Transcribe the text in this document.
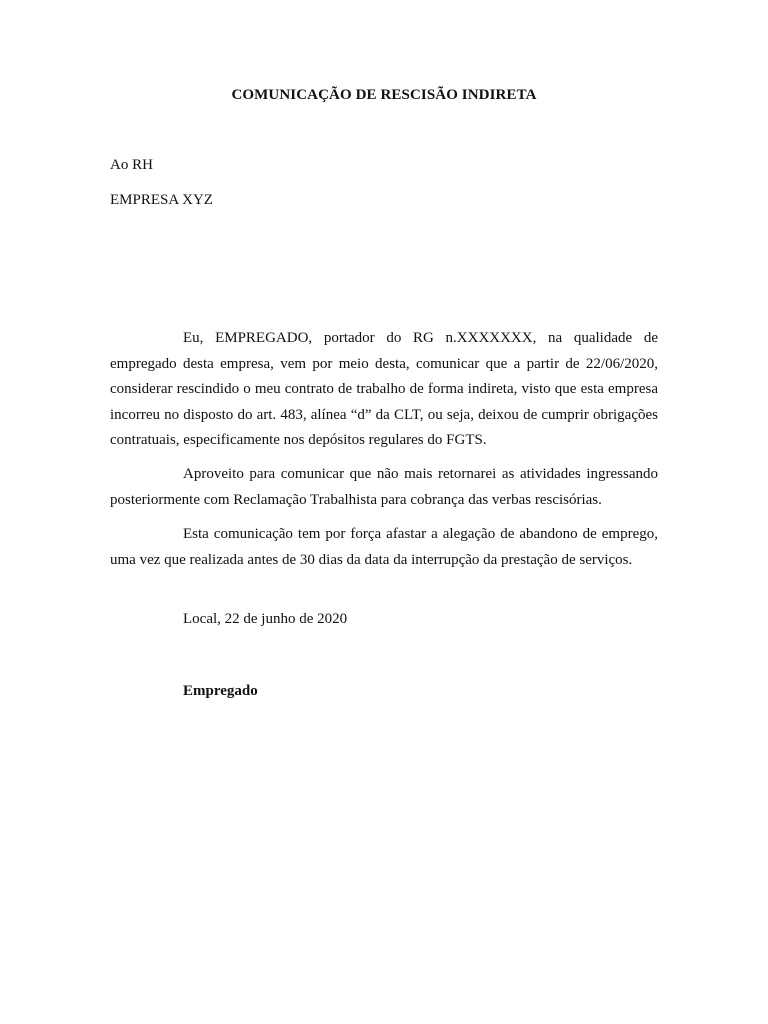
COMUNICAÇÃO DE RESCISÃO INDIRETA
Ao RH
EMPRESA XYZ

Eu, EMPREGADO, portador do RG n.XXXXXXX, na qualidade de empregado desta empresa, vem por meio desta, comunicar que a partir de 22/06/2020, considerar rescindido o meu contrato de trabalho de forma indireta, visto que esta empresa incorreu no disposto do art. 483, alínea “d” da CLT, ou seja, deixou de cumprir obrigações contratuais, especificamente nos depósitos regulares do FGTS.

Aproveito para comunicar que não mais retornarei as atividades ingressando posteriormente com Reclamação Trabalhista para cobrança das verbas rescisórias.

Esta comunicação tem por força afastar a alegação de abandono de emprego, uma vez que realizada antes de 30 dias da data da interrupção da prestação de serviços.

Local, 22 de junho de 2020
Empregado
